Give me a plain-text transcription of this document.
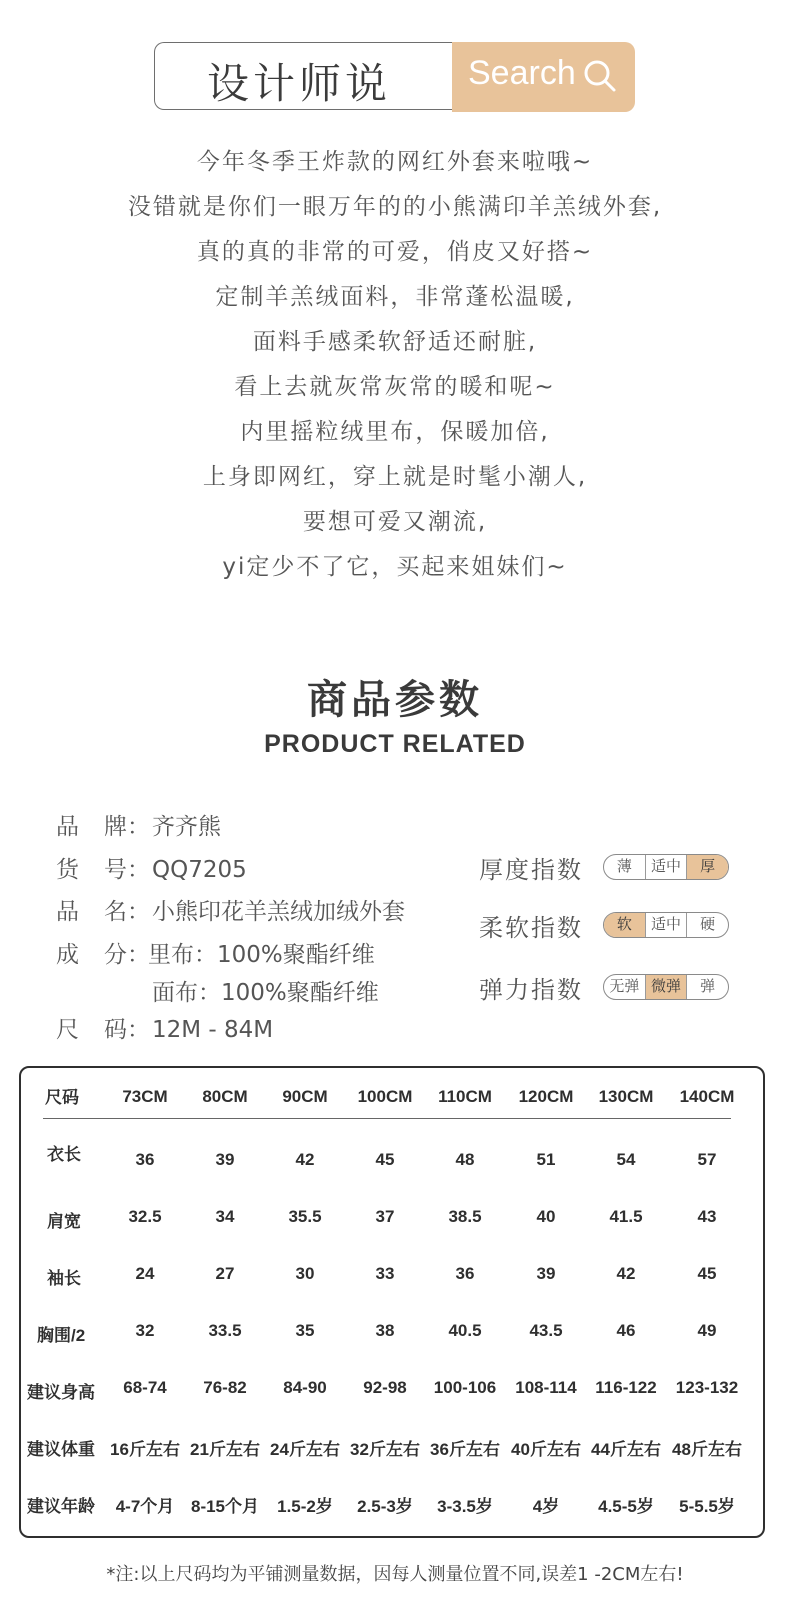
设计师说 Search
今年冬季王炸款的网红外套来啦哦~
没错就是你们一眼万年的的小熊满印羊羔绒外套,
真的真的非常的可爱，俏皮又好搭~
定制羊羔绒面料，非常蓬松温暖,
面料手感柔软舒适还耐脏,
看上去就灰常灰常的暖和呢~
内里摇粒绒里布，保暖加倍,
上身即网红，穿上就是时髦小潮人,
要想可爱又潮流,
yi定少不了它，买起来姐妹们~
商品参数
PRODUCT RELATED
品 牌：齐齐熊
货 号：QQ7205
品 名：小熊印花羊羔绒加绒外套
成 分：里布：100%聚酯纤维
面布：100%聚酯纤维
尺 码：12M - 84M
厚度指数	薄	适中	厚
柔软指数	软	适中	硬
弹力指数	无弹 微弹	弹
尺码	73CM	80CM	90CM	100CM	110CM	120CM	130CM	140CM
衣长	36	39	42	45	48	51	54	57
肩宽	32.5	34	35.5	37	38.5	40	41.5	43
袖长	24	27	30	33	36	39	42	45
胸围/2	32	33.5	35	38	40.5	43.5	46	49
建议身高	68-74	76-82	84-90	92-98	100-106	108-114	116-122	123-132
建议体重 16斤左右 21斤左右 24斤左右 32斤左右 36斤左右 40斤左右 44斤左右 48斤左右
建议年龄	4-7个月 8-15个月	1.5-2岁	2.5-3岁	3-3.5岁	4岁	4.5-5岁	5-5.5岁
*注:以上尺码均为平铺测量数据，因每人测量位置不同,误差1 -2CM左右!
